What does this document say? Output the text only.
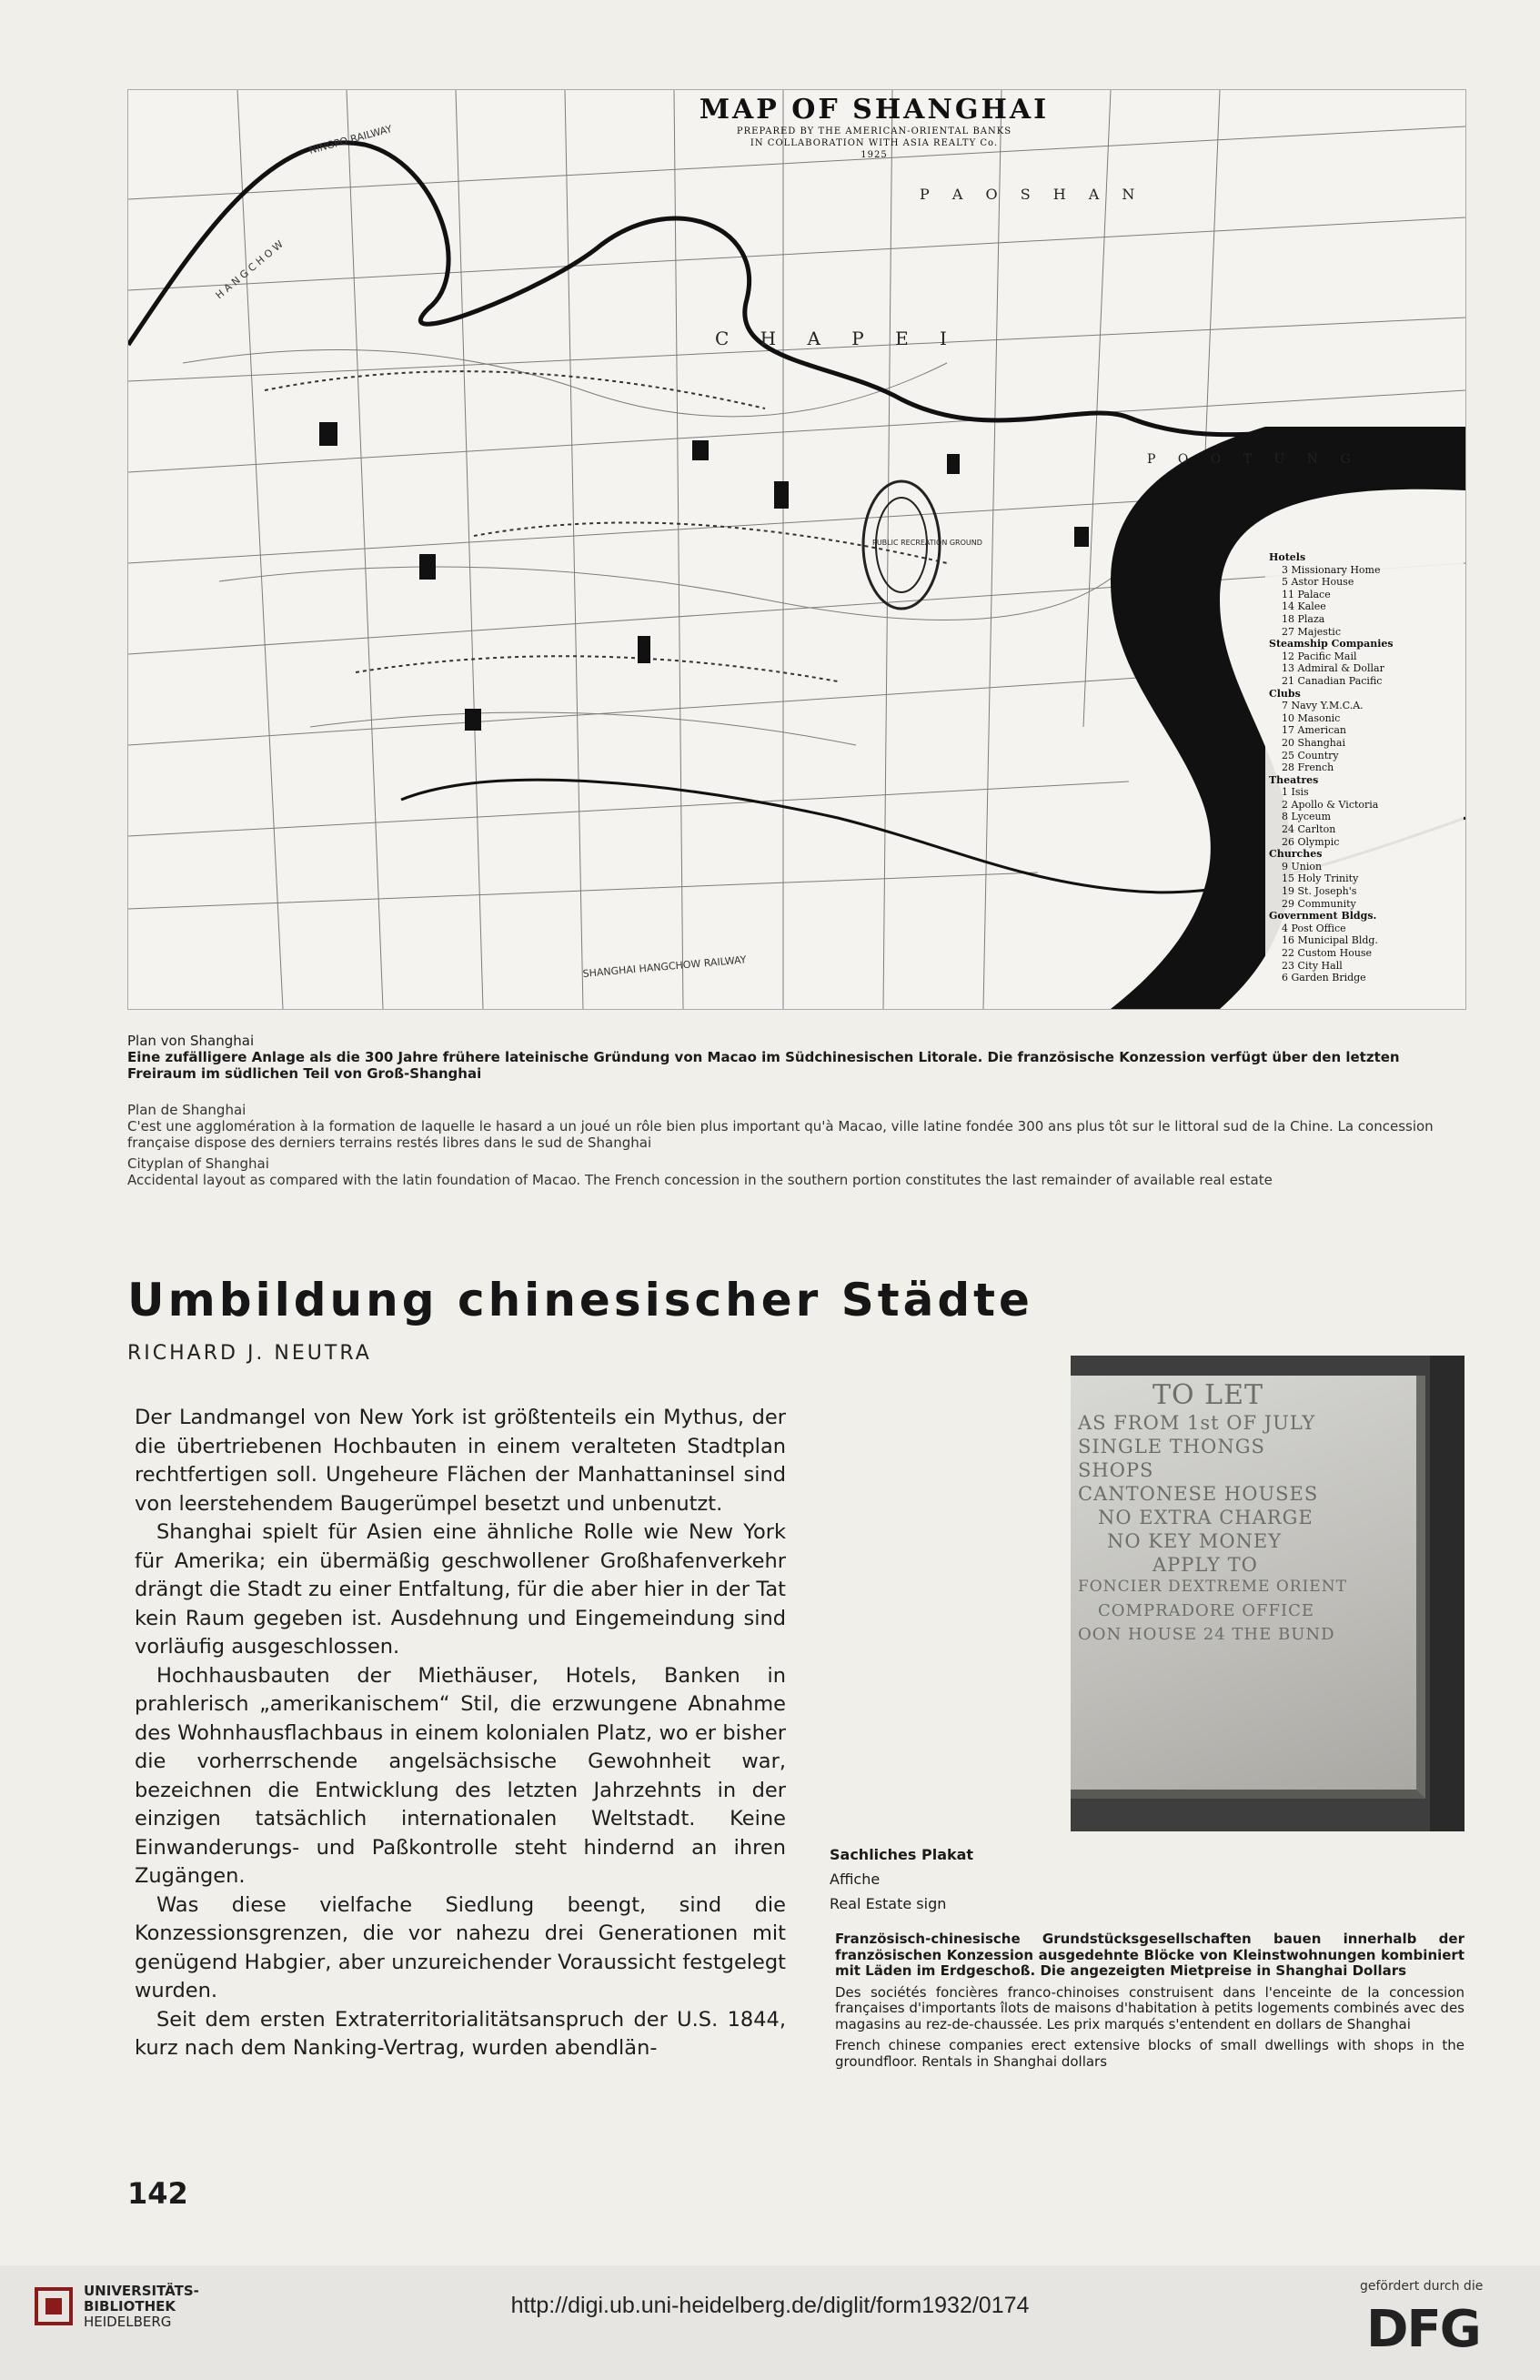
C H A P E I
P A O S H A N
P O O T U N G
H A N G C H O W
NINGPO RAILWAY
SHANGHAI HANGCHOW RAILWAY
PUBLIC RECREATION GROUND
MAP OF SHANGHAI
PREPARED BY THE AMERICAN-ORIENTAL BANKS
IN COLLABORATION WITH ASIA REALTY Co.
1925
Hotels
3 Missionary Home
5 Astor House
11 Palace
14 Kalee
18 Plaza
27 Majestic
Steamship Companies
12 Pacific Mail
13 Admiral & Dollar
21 Canadian Pacific
Clubs
7 Navy Y.M.C.A.
10 Masonic
17 American
20 Shanghai
25 Country
28 French
Theatres
1 Isis
2 Apollo & Victoria
8 Lyceum
24 Carlton
26 Olympic
Churches
9 Union
15 Holy Trinity
19 St. Joseph's
29 Community
Government Bldgs.
4 Post Office
16 Municipal Bldg.
22 Custom House
23 City Hall
6 Garden Bridge
Plan von Shanghai
Eine zufälligere Anlage als die 300 Jahre frühere lateinische Gründung von Macao im Südchinesischen Litorale. Die französische Konzession verfügt über den letzten Freiraum im südlichen Teil von Groß-Shanghai
Plan de Shanghai
C'est une agglomération à la formation de laquelle le hasard a un joué un rôle bien plus important qu'à Macao, ville latine fondée 300 ans plus tôt sur le littoral sud de la Chine. La concession française dispose des derniers terrains restés libres dans le sud de Shanghai
Cityplan of Shanghai
Accidental layout as compared with the latin foundation of Macao. The French concession in the southern portion constitutes the last remainder of available real estate
Umbildung chinesischer Städte
RICHARD J. NEUTRA

Der Landmangel von New York ist größtenteils ein Mythus, der die übertriebenen Hochbauten in einem veralteten Stadtplan rechtfertigen soll. Ungeheure Flächen der Manhattaninsel sind von leerstehendem Baugerümpel besetzt und unbenutzt.

Shanghai spielt für Asien eine ähnliche Rolle wie New York für Amerika; ein übermäßig geschwollener Großhafenverkehr drängt die Stadt zu einer Entfaltung, für die aber hier in der Tat kein Raum gegeben ist. Ausdehnung und Eingemeindung sind vorläufig ausgeschlossen.

Hochhausbauten der Miethäuser, Hotels, Banken in prahlerisch „amerikanischem“ Stil, die erzwungene Abnahme des Wohnhausflachbaus in einem kolonialen Platz, wo er bisher die vorherrschende angelsächsische Gewohnheit war, bezeichnen die Entwicklung des letzten Jahrzehnts in der einzigen tatsächlich internationalen Weltstadt. Keine Einwanderungs- und Paßkontrolle steht hindernd an ihren Zugängen.

Was diese vielfache Siedlung beengt, sind die Konzessionsgrenzen, die vor nahezu drei Generationen mit genügend Habgier, aber unzureichender Voraussicht festgelegt wurden.

Seit dem ersten Extraterritorialitätsanspruch der U.S. 1844, kurz nach dem Nanking-Vertrag, wurden abendlän-

TO LET
AS FROM 1st OF JULY
SINGLE THONGS
SHOPS
CANTONESE HOUSES
NO EXTRA CHARGE
NO KEY MONEY
APPLY TO
FONCIER DEXTREME ORIENT
COMPRADORE OFFICE
OON HOUSE 24 THE BUND
Sachliches Plakat
Affiche
Real Estate sign

Französisch-chinesische Grundstücksgesellschaften bauen innerhalb der französischen Konzession ausgedehnte Blöcke von Kleinstwohnungen kombiniert mit Läden im Erdgeschoß. Die angezeigten Mietpreise in Shanghai Dollars

Des sociétés foncières franco-chinoises construisent dans l'enceinte de la concession françaises d'importants îlots de maisons d'habitation à petits logements combinés avec des magasins au rez-de-chaussée. Les prix marqués s'entendent en dollars de Shanghai

French chinese companies erect extensive blocks of small dwellings with shops in the groundfloor. Rentals in Shanghai dollars

142
UNIVERSITÄTS-
BIBLIOTHEK
HEIDELBERG
http://digi.ub.uni-heidelberg.de/diglit/form1932/0174
gefördert durch die
DFG
